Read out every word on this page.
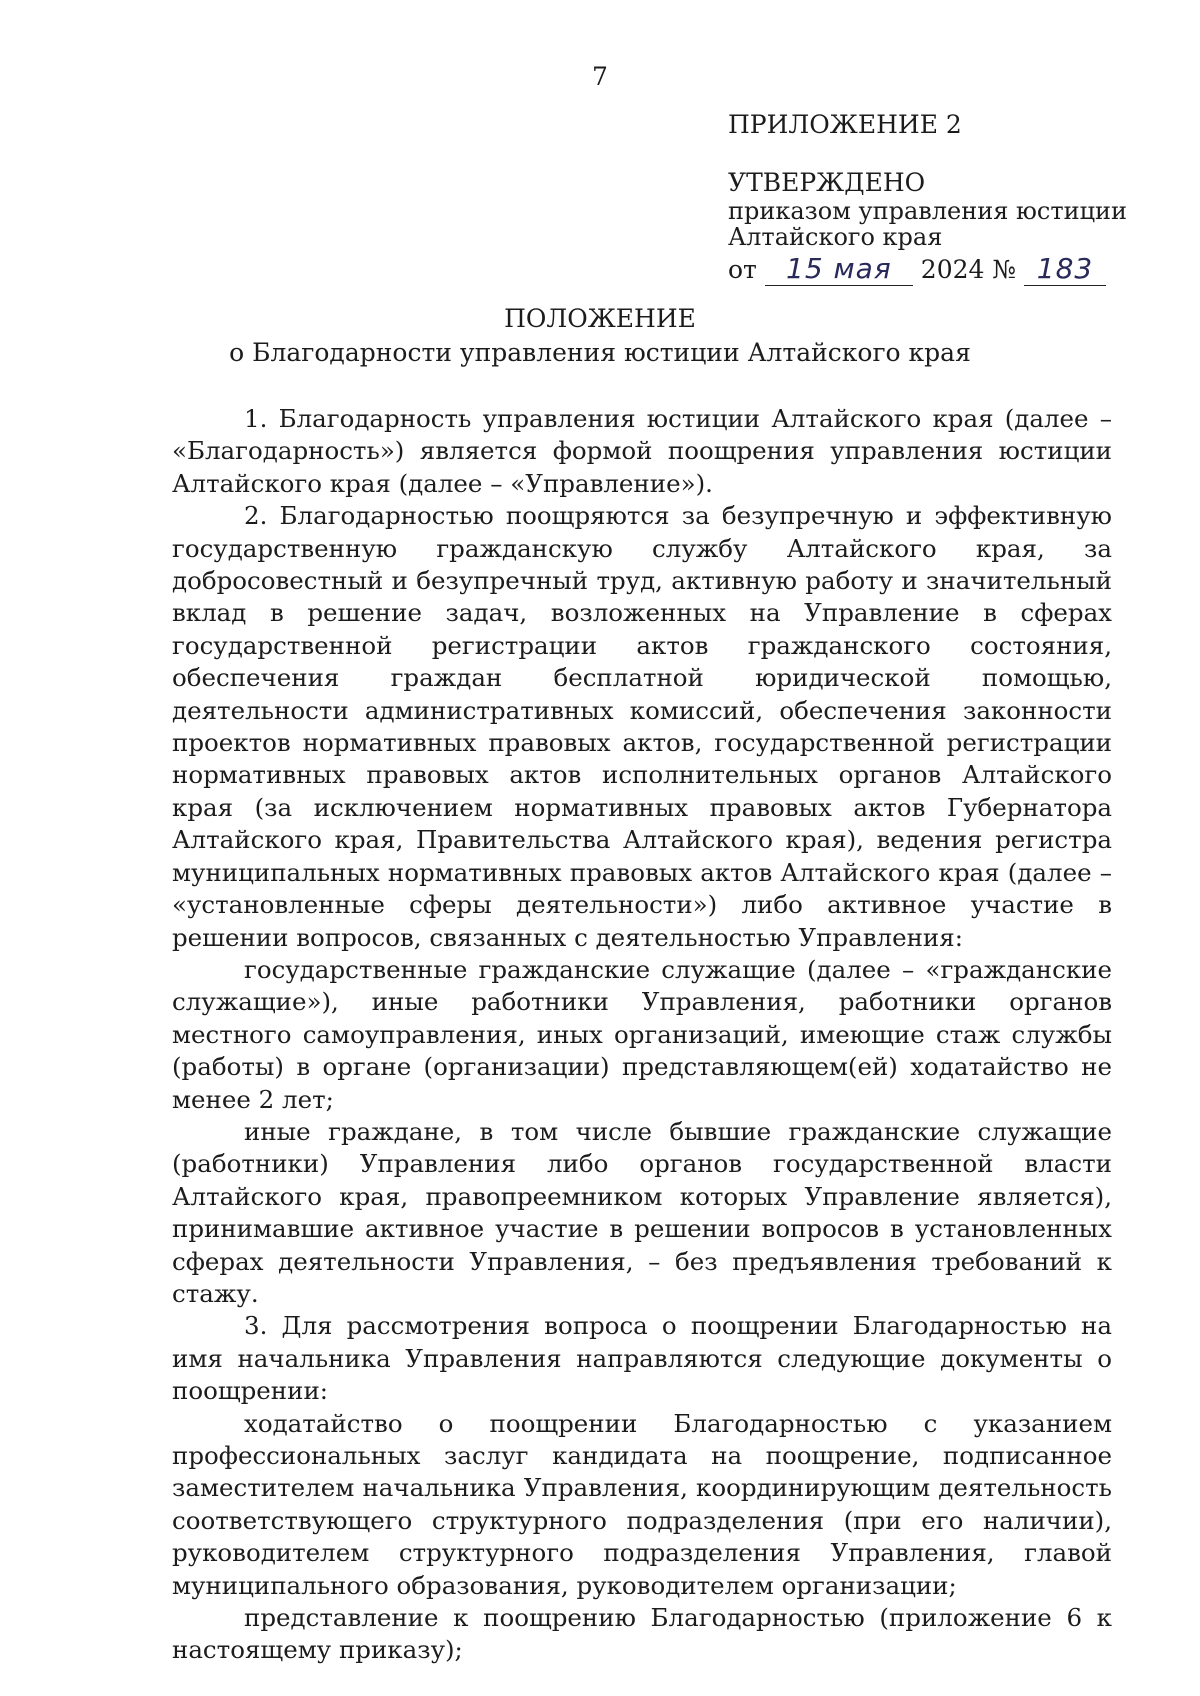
7
ПРИЛОЖЕНИЕ 2
УТВЕРЖДЕНО
приказом управления юстиции
Алтайского края
от 15 мая 2024 № 183
ПОЛОЖЕНИЕ
о Благодарности управления юстиции Алтайского края

1. Благодарность управления юстиции Алтайского края (далее – «Благодарность») является формой поощрения управления юстиции Алтайского края (далее – «Управление»).

2. Благодарностью поощряются за безупречную и эффективную государственную гражданскую службу Алтайского края, за добросовестный и безупречный труд, активную работу и значительный вклад в решение задач, возложенных на Управление в сферах государственной регистрации актов гражданского состояния, обеспечения граждан бесплатной юридической помощью, деятельности административных комиссий, обеспечения законности проектов нормативных правовых актов, государственной регистрации нормативных правовых актов исполнительных органов Алтайского края (за исключением нормативных правовых актов Губернатора Алтайского края, Правительства Алтайского края), ведения регистра муниципальных нормативных правовых актов Алтайского края (далее – «установленные сферы деятельности») либо активное участие в решении вопросов, связанных с деятельностью Управления:

государственные гражданские служащие (далее – «гражданские служащие»), иные работники Управления, работники органов местного самоуправления, иных организаций, имеющие стаж службы (работы) в органе (организации) представляющем(ей) ходатайство не менее 2 лет;

иные граждане, в том числе бывшие гражданские служащие (работники) Управления либо органов государственной власти Алтайского края, правопреемником которых Управление является), принимавшие активное участие в решении вопросов в установленных сферах деятельности Управления, – без предъявления требований к стажу.

3. Для рассмотрения вопроса о поощрении Благодарностью на имя начальника Управления направляются следующие документы о поощрении:

ходатайство о поощрении Благодарностью с указанием профессиональных заслуг кандидата на поощрение, подписанное заместителем начальника Управления, координирующим деятельность соответствующего структурного подразделения (при его наличии), руководителем структурного подразделения Управления, главой муниципального образования, руководителем организации;

представление к поощрению Благодарностью (приложение 6 к настоящему приказу);
